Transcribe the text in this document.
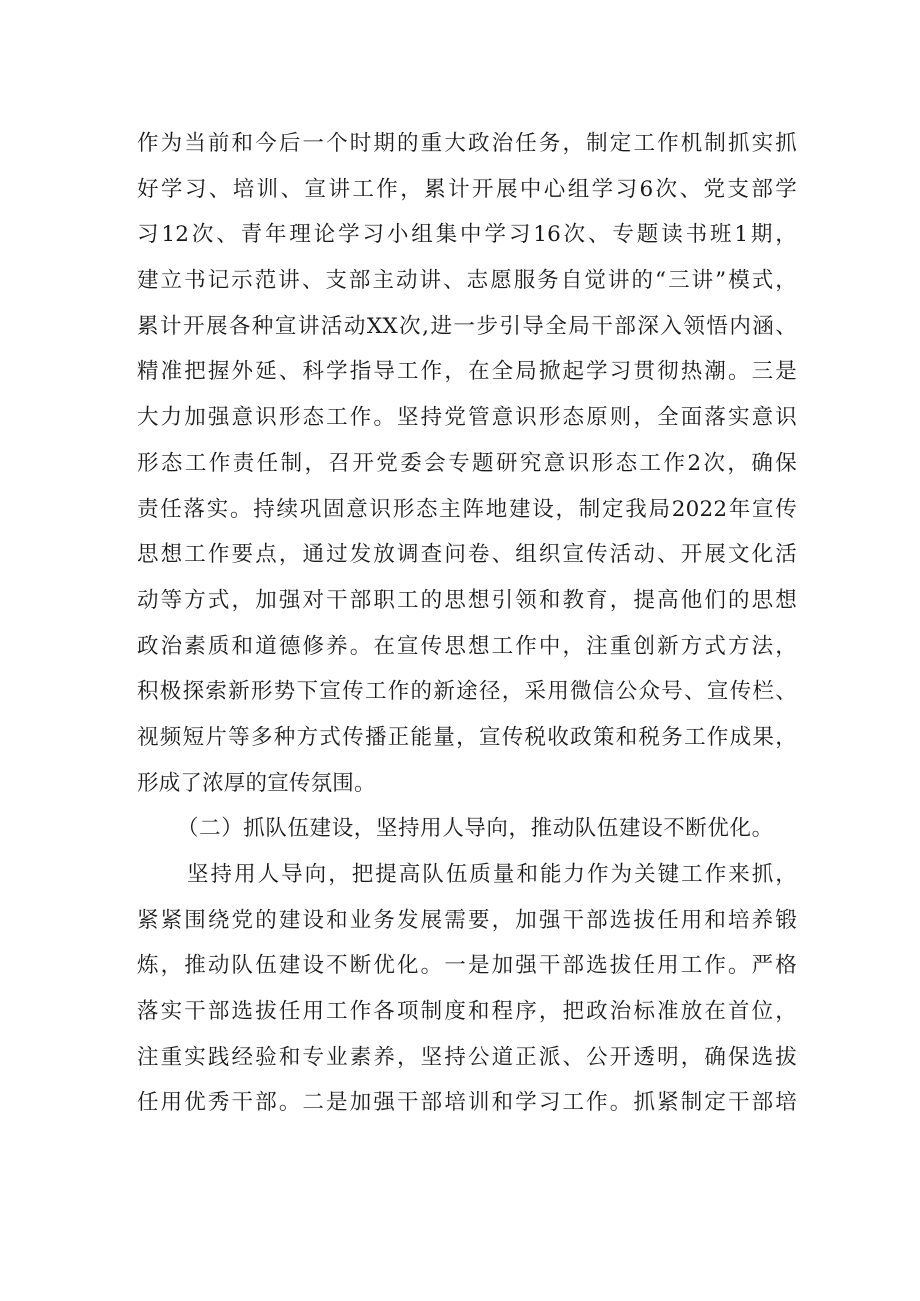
作为当前和今后一个时期的重大政治任务，制定工作机制抓实抓
好学习、培训、宣讲工作，累计开展中心组学习6次、党支部学
习12次、青年理论学习小组集中学习16次、专题读书班1期，
建立书记示范讲、支部主动讲、志愿服务自觉讲的“三讲”模式，
累计开展各种宣讲活动XX次,进一步引导全局干部深入领悟内涵、
精准把握外延、科学指导工作，在全局掀起学习贯彻热潮。三是
大力加强意识形态工作。坚持党管意识形态原则，全面落实意识
形态工作责任制，召开党委会专题研究意识形态工作2次，确保
责任落实。持续巩固意识形态主阵地建设，制定我局2022年宣传
思想工作要点，通过发放调查问卷、组织宣传活动、开展文化活
动等方式，加强对干部职工的思想引领和教育，提高他们的思想
政治素质和道德修养。在宣传思想工作中，注重创新方式方法，
积极探索新形势下宣传工作的新途径，采用微信公众号、宣传栏、
视频短片等多种方式传播正能量，宣传税收政策和税务工作成果，
形成了浓厚的宣传氛围。
（二）抓队伍建设，坚持用人导向，推动队伍建设不断优化。
坚持用人导向，把提高队伍质量和能力作为关键工作来抓，
紧紧围绕党的建设和业务发展需要，加强干部选拔任用和培养锻
炼，推动队伍建设不断优化。一是加强干部选拔任用工作。严格
落实干部选拔任用工作各项制度和程序，把政治标准放在首位，
注重实践经验和专业素养，坚持公道正派、公开透明，确保选拔
任用优秀干部。二是加强干部培训和学习工作。抓紧制定干部培
